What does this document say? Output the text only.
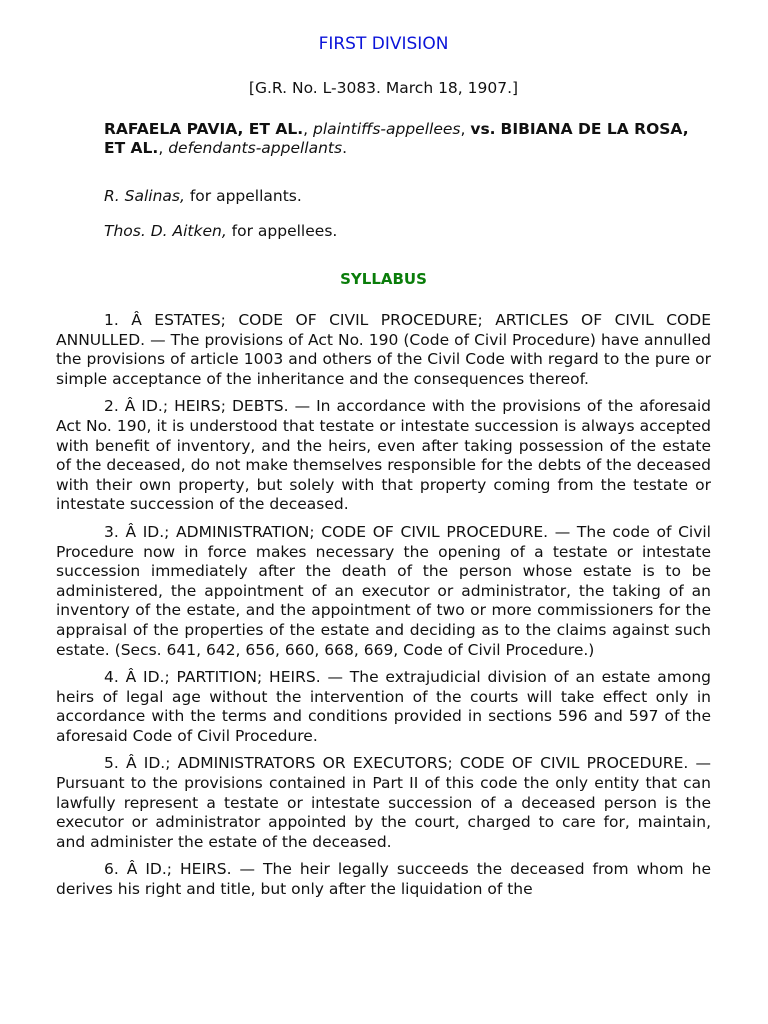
FIRST DIVISION
[G.R. No. L-3083. March 18, 1907.]
RAFAELA PAVIA, ET AL., plaintiffs-appellees, vs. BIBIANA DE LA ROSA, ET AL., defendants-appellants.
R. Salinas, for appellants.
Thos. D. Aitken, for appellees.
SYLLABUS

1. Â ESTATES; CODE OF CIVIL PROCEDURE; ARTICLES OF CIVIL CODE ANNULLED. — The provisions of Act No. 190 (Code of Civil Procedure) have annulled the provisions of article 1003 and others of the Civil Code with regard to the pure or simple acceptance of the inheritance and the consequences thereof.

2. Â ID.; HEIRS; DEBTS. — In accordance with the provisions of the aforesaid Act No. 190, it is understood that testate or intestate succession is always accepted with benefit of inventory, and the heirs, even after taking possession of the estate of the deceased, do not make themselves responsible for the debts of the deceased with their own property, but solely with that property coming from the testate or intestate succession of the deceased.

3. Â ID.; ADMINISTRATION; CODE OF CIVIL PROCEDURE. — The code of Civil Procedure now in force makes necessary the opening of a testate or intestate succession immediately after the death of the person whose estate is to be administered, the appointment of an executor or administrator, the taking of an inventory of the estate, and the appointment of two or more commissioners for the appraisal of the properties of the estate and deciding as to the claims against such estate. (Secs. 641, 642, 656, 660, 668, 669, Code of Civil Procedure.)

4. Â ID.; PARTITION; HEIRS. — The extrajudicial division of an estate among heirs of legal age without the intervention of the courts will take effect only in accordance with the terms and conditions provided in sections 596 and 597 of the aforesaid Code of Civil Procedure.

5. Â ID.; ADMINISTRATORS OR EXECUTORS; CODE OF CIVIL PROCEDURE. — Pursuant to the provisions contained in Part II of this code the only entity that can lawfully represent a testate or intestate succession of a deceased person is the executor or administrator appointed by the court, charged to care for, maintain, and administer the estate of the deceased.

6. Â ID.; HEIRS. — The heir legally succeeds the deceased from whom he derives his right and title, but only after the liquidation of the
